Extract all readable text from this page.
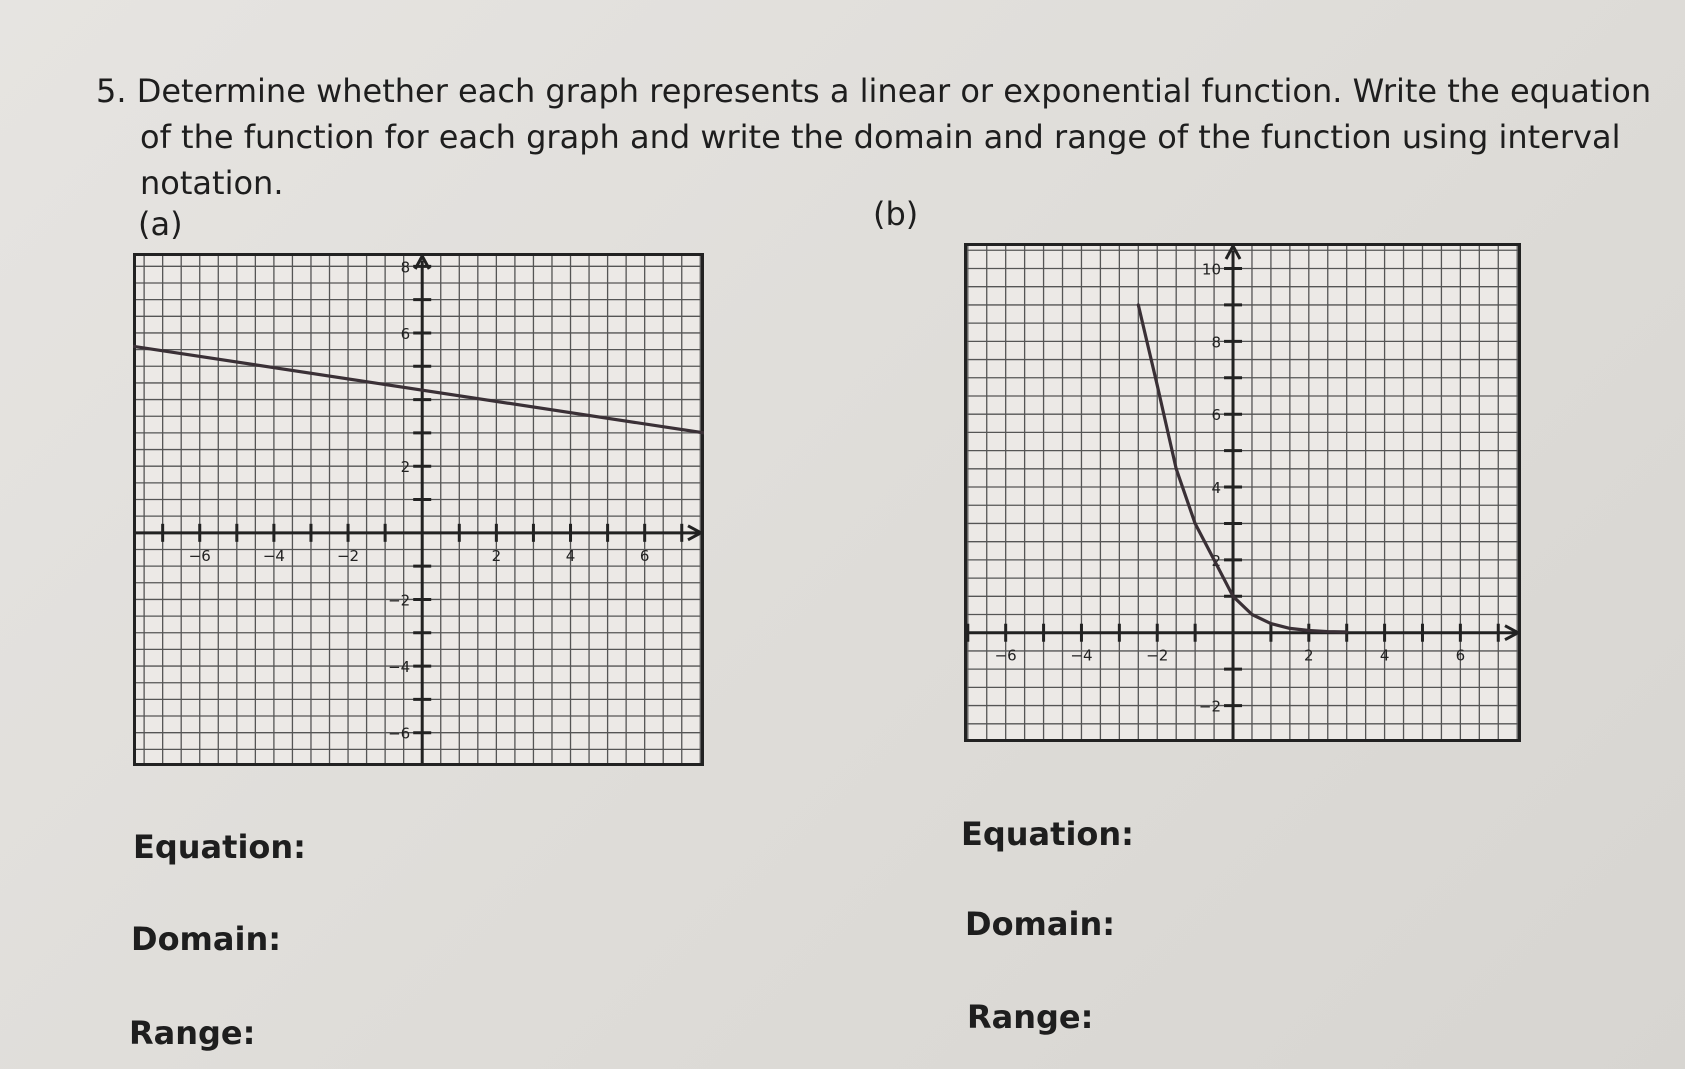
5. Determine whether each graph represents a linear or exponential function. Write the equation
of the function for each graph and write the domain and range of the function using interval
notation.
(a)	(b)
−6	−4	−2	2	4	6
−6
−4
−2
2
6
8
−6	−4	−2	2	4	6
−2
2
4
6
8
10
Equation:
Domain:
Range:
Equation:
Domain:
Range:
